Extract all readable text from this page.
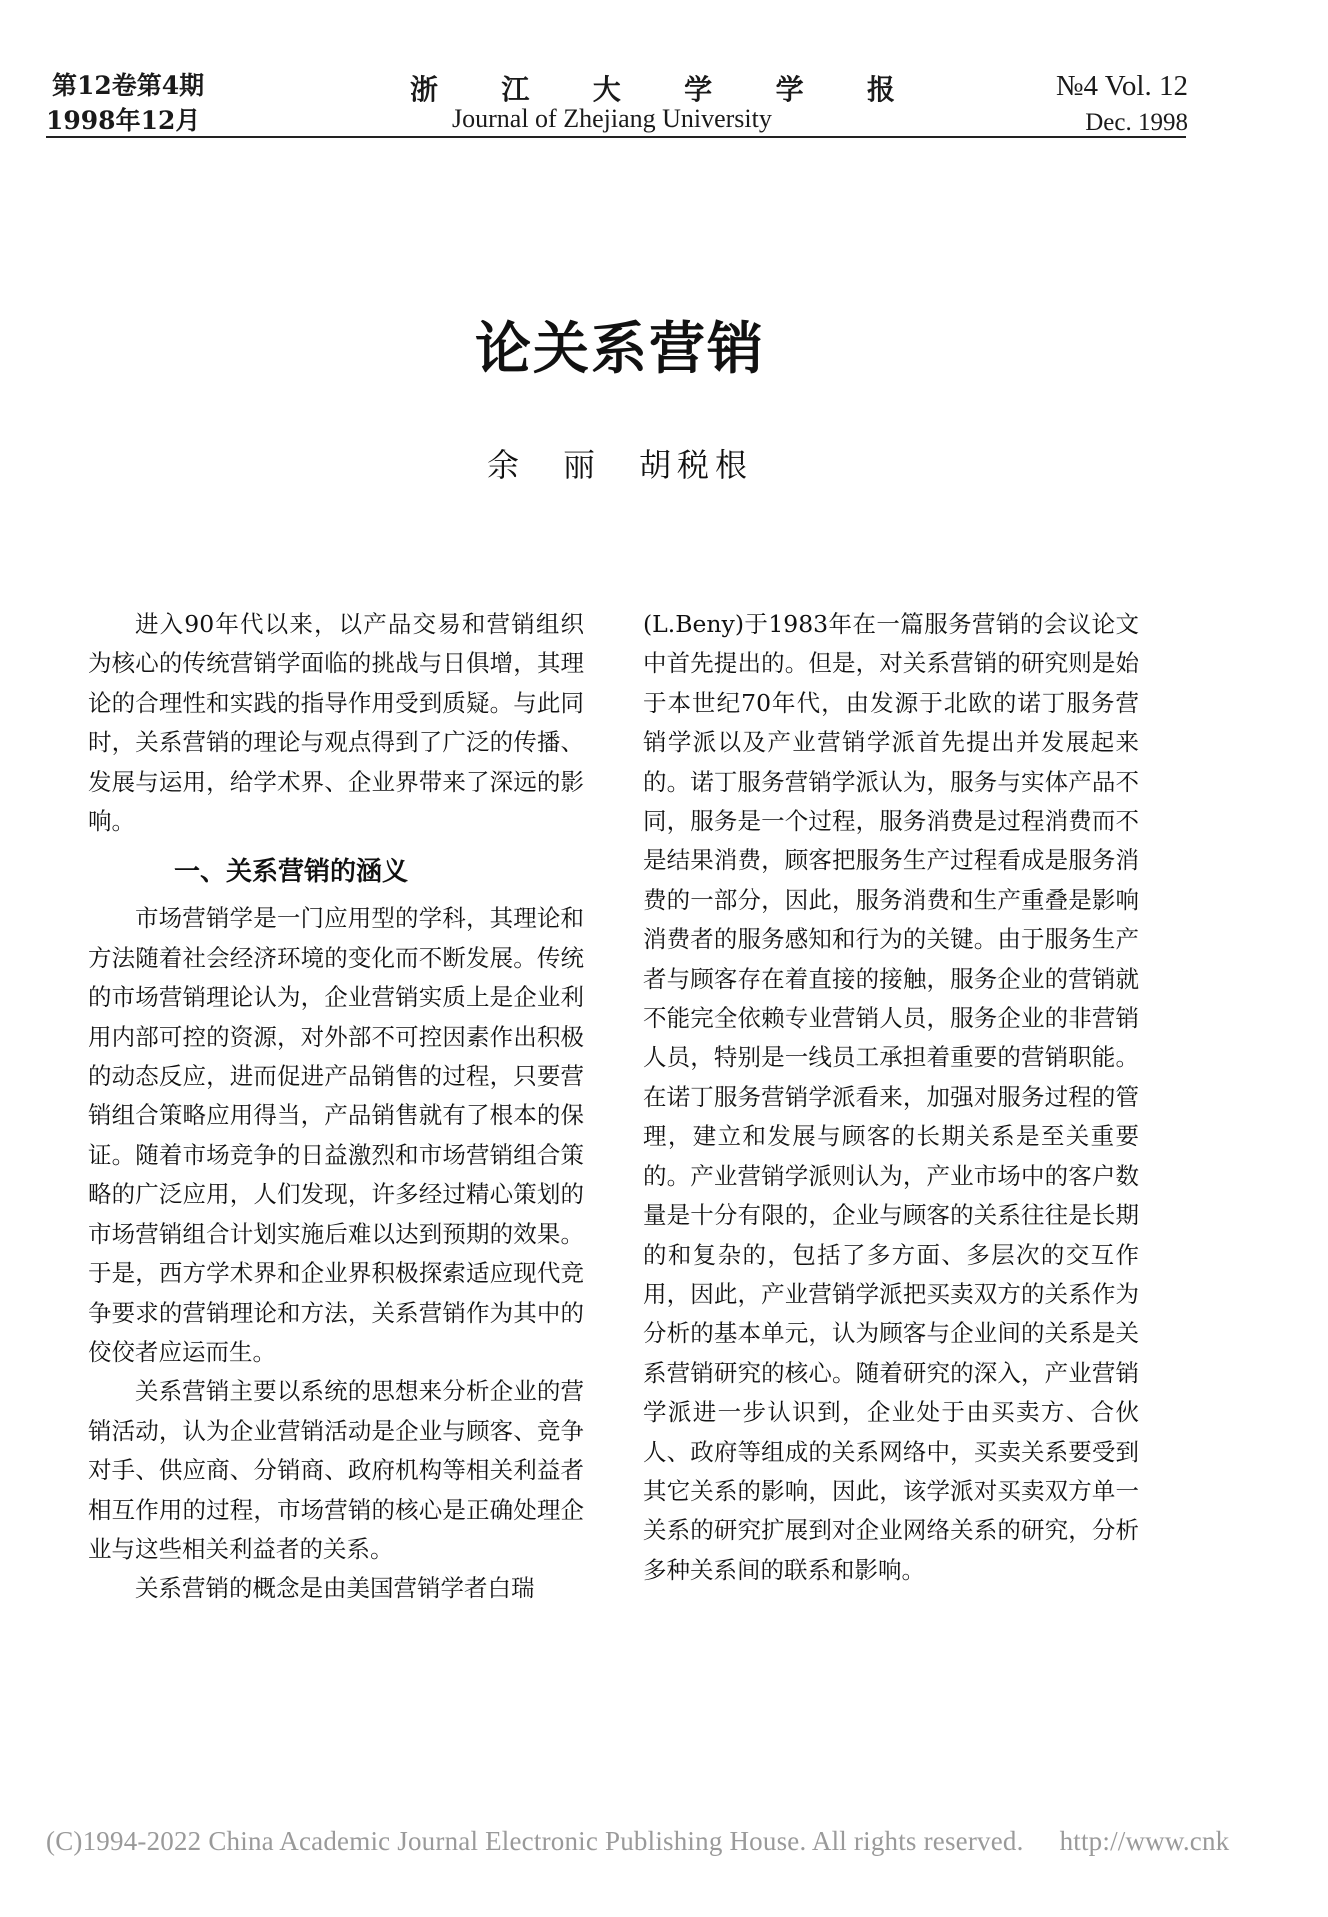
第12卷第4期
1998年12月
浙 江 大 学 学 报
Journal of Zhejiang University
№4 Vol. 12
Dec. 1998
论关系营销
余　丽　胡税根

进入90年代以来，以产品交易和营销组织为核心的传统营销学面临的挑战与日俱增，其理论的合理性和实践的指导作用受到质疑。与此同时，关系营销的理论与观点得到了广泛的传播、发展与运用，给学术界、企业界带来了深远的影响。

一、关系营销的涵义

市场营销学是一门应用型的学科，其理论和方法随着社会经济环境的变化而不断发展。传统的市场营销理论认为，企业营销实质上是企业利用内部可控的资源，对外部不可控因素作出积极的动态反应，进而促进产品销售的过程，只要营销组合策略应用得当，产品销售就有了根本的保证。随着市场竞争的日益激烈和市场营销组合策略的广泛应用，人们发现，许多经过精心策划的市场营销组合计划实施后难以达到预期的效果。于是，西方学术界和企业界积极探索适应现代竞争要求的营销理论和方法，关系营销作为其中的佼佼者应运而生。

关系营销主要以系统的思想来分析企业的营销活动，认为企业营销活动是企业与顾客、竞争对手、供应商、分销商、政府机构等相关利益者相互作用的过程，市场营销的核心是正确处理企业与这些相关利益者的关系。

关系营销的概念是由美国营销学者白瑞

(L.Beny)于1983年在一篇服务营销的会议论文中首先提出的。但是，对关系营销的研究则是始于本世纪70年代，由发源于北欧的诺丁服务营销学派以及产业营销学派首先提出并发展起来的。诺丁服务营销学派认为，服务与实体产品不同，服务是一个过程，服务消费是过程消费而不是结果消费，顾客把服务生产过程看成是服务消费的一部分，因此，服务消费和生产重叠是影响消费者的服务感知和行为的关键。由于服务生产者与顾客存在着直接的接触，服务企业的营销就不能完全依赖专业营销人员，服务企业的非营销人员，特别是一线员工承担着重要的营销职能。在诺丁服务营销学派看来，加强对服务过程的管理，建立和发展与顾客的长期关系是至关重要的。产业营销学派则认为，产业市场中的客户数量是十分有限的，企业与顾客的关系往往是长期的和复杂的，包括了多方面、多层次的交互作用，因此，产业营销学派把买卖双方的关系作为分析的基本单元，认为顾客与企业间的关系是关系营销研究的核心。随着研究的深入，产业营销学派进一步认识到，企业处于由买卖方、合伙人、政府等组成的关系网络中，买卖关系要受到其它关系的影响，因此，该学派对买卖双方单一关系的研究扩展到对企业网络关系的研究，分析多种关系间的联系和影响。

(C)1994-2022 China Academic Journal Electronic Publishing House. All rights reserved. http://www.cnk
